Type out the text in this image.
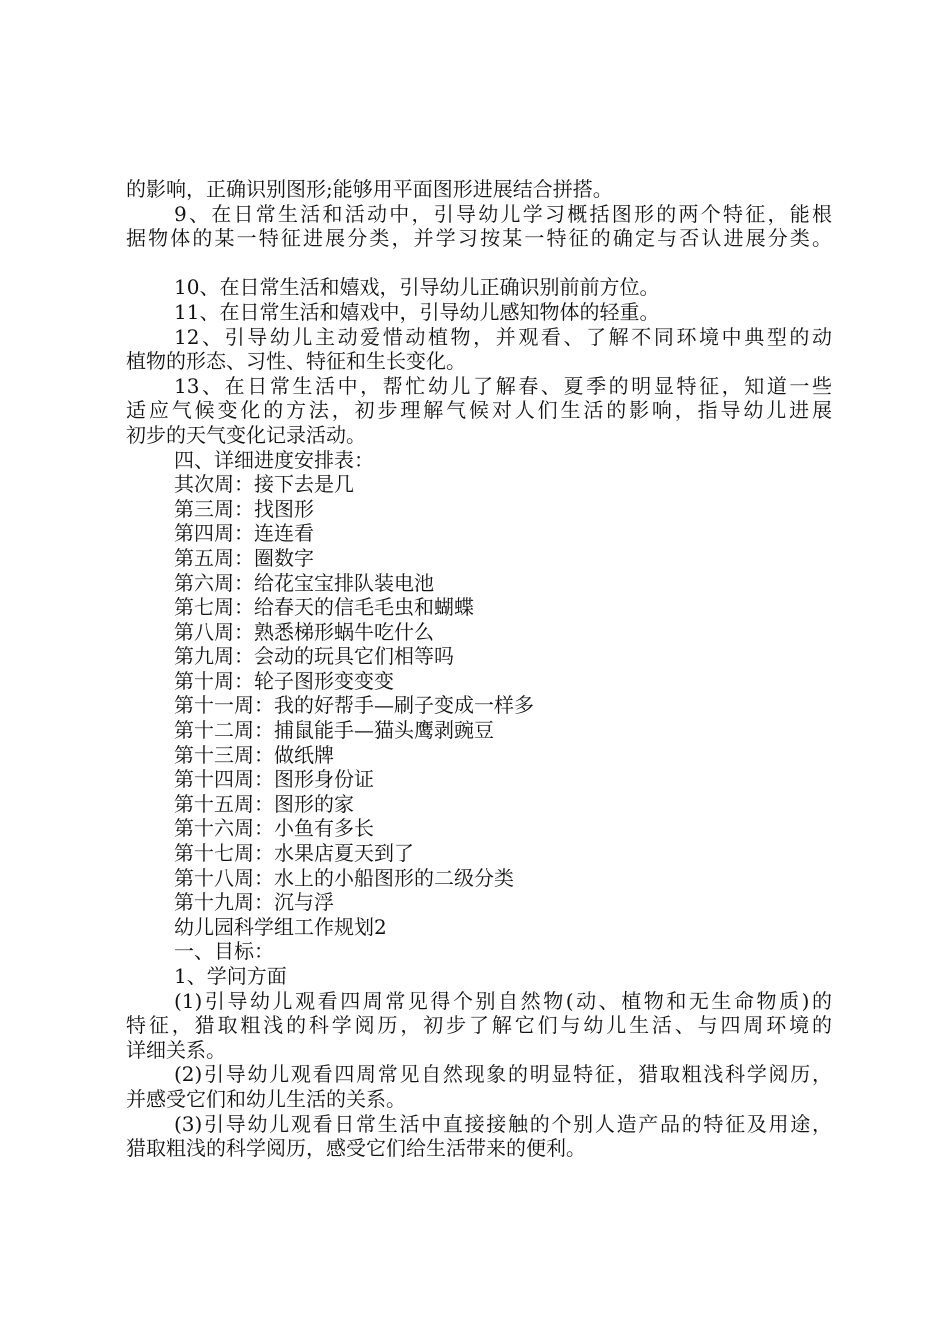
的影响，正确识别图形;能够用平面图形进展结合拼搭。
9、在日常生活和活动中，引导幼儿学习概括图形的两个特征，能根
据物体的某一特征进展分类，并学习按某一特征的确定与否认进展分类。
10、在日常生活和嬉戏，引导幼儿正确识别前前方位。
11、在日常生活和嬉戏中，引导幼儿感知物体的轻重。
12、引导幼儿主动爱惜动植物，并观看、了解不同环境中典型的动
植物的形态、习性、特征和生长变化。
13、在日常生活中，帮忙幼儿了解春、夏季的明显特征，知道一些
适应气候变化的方法，初步理解气候对人们生活的影响，指导幼儿进展
初步的天气变化记录活动。
四、详细进度安排表：
其次周：接下去是几
第三周：找图形
第四周：连连看
第五周：圈数字
第六周：给花宝宝排队装电池
第七周：给春天的信毛毛虫和蝴蝶
第八周：熟悉梯形蜗牛吃什么
第九周：会动的玩具它们相等吗
第十周：轮子图形变变变
第十一周：我的好帮手—刷子变成一样多
第十二周：捕鼠能手—猫头鹰剥豌豆
第十三周：做纸牌
第十四周：图形身份证
第十五周：图形的家
第十六周：小鱼有多长
第十七周：水果店夏天到了
第十八周：水上的小船图形的二级分类
第十九周：沉与浮
幼儿园科学组工作规划2
一、目标：
1、学问方面
(1)引导幼儿观看四周常见得个别自然物(动、植物和无生命物质)的
特征，猎取粗浅的科学阅历，初步了解它们与幼儿生活、与四周环境的
详细关系。
(2)引导幼儿观看四周常见自然现象的明显特征，猎取粗浅科学阅历，
并感受它们和幼儿生活的关系。
(3)引导幼儿观看日常生活中直接接触的个别人造产品的特征及用途，
猎取粗浅的科学阅历，感受它们给生活带来的便利。
